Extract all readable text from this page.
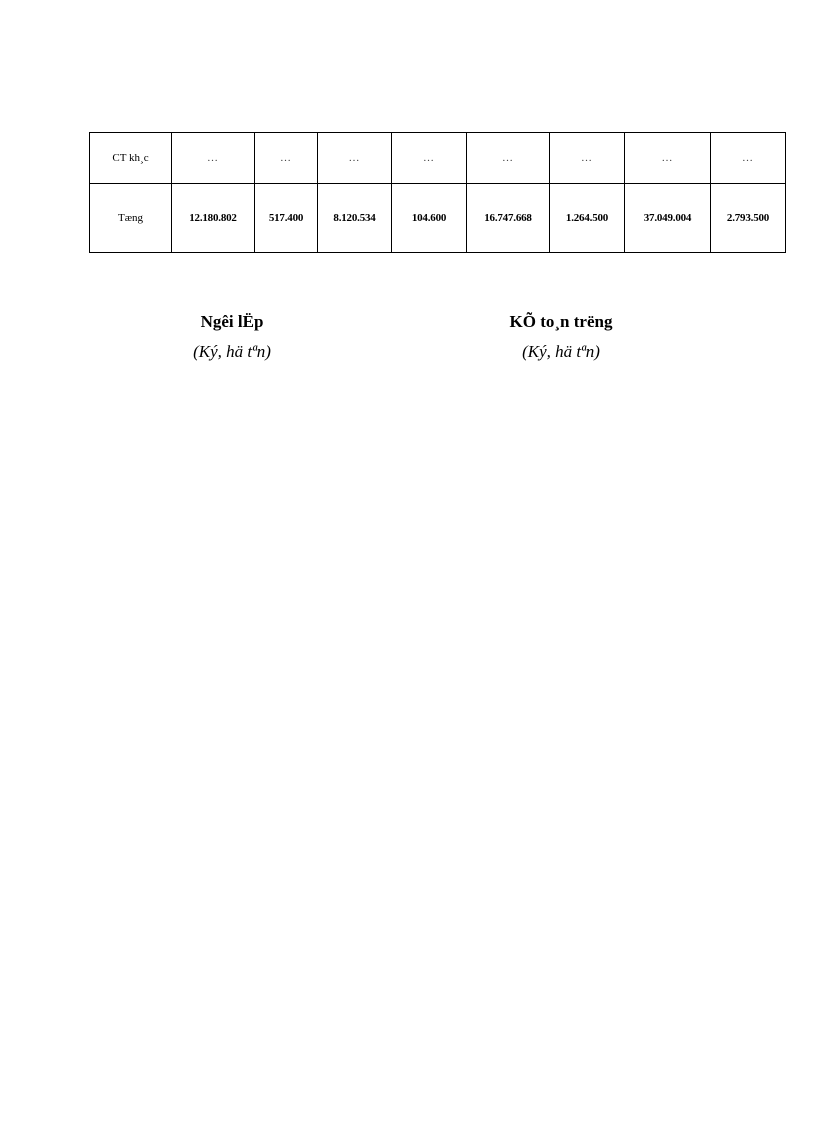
CT kh¸c	…	…	…	…	…	…	…	…
Tæng	12.180.802	517.400	8.120.534	104.600	16.747.668	1.264.500	37.049.004	2.793.500
Ngêi lËp
(Ký, hä tªn)
KÕ to¸n trëng
(Ký, hä tªn)
